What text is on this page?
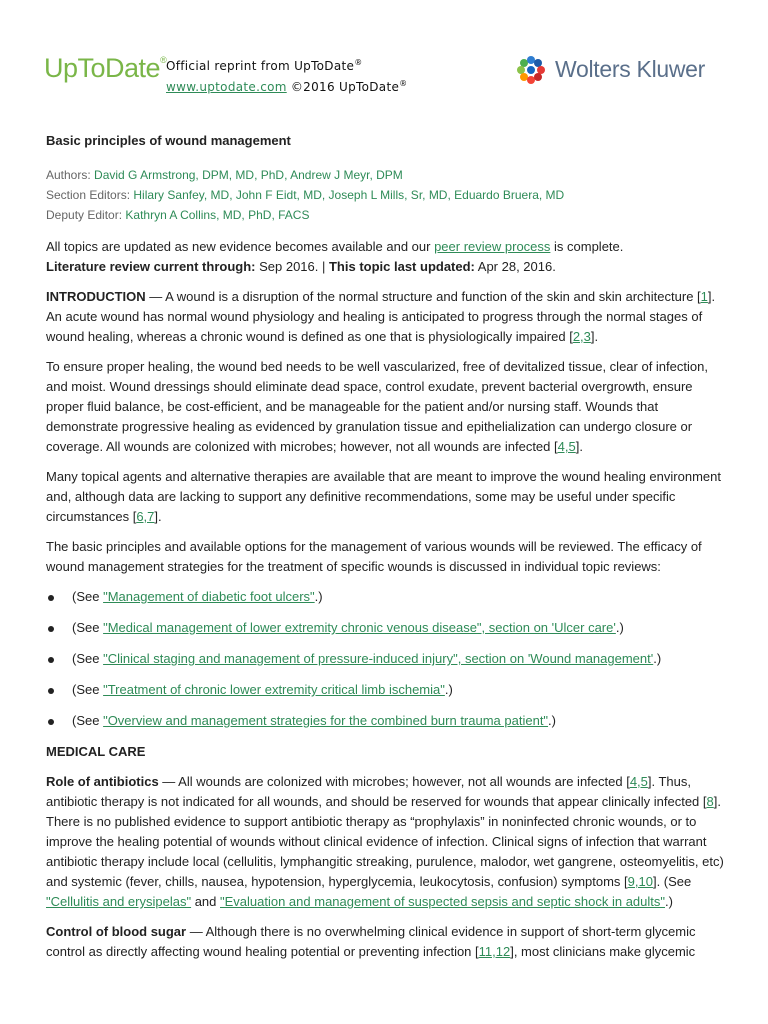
UpToDate® Official reprint from UpToDate®
www.uptodate.com ©2016 UpToDate®
Wolters Kluwer
Basic principles of wound management
Authors: David G Armstrong, DPM, MD, PhD, Andrew J Meyr, DPM
Section Editors: Hilary Sanfey, MD, John F Eidt, MD, Joseph L Mills, Sr, MD, Eduardo Bruera, MD
Deputy Editor: Kathryn A Collins, MD, PhD, FACS
All topics are updated as new evidence becomes available and our peer review process is complete.
Literature review current through: Sep 2016. | This topic last updated: Apr 28, 2016.
INTRODUCTION — A wound is a disruption of the normal structure and function of the skin and skin architecture [1]. An acute wound has normal wound physiology and healing is anticipated to progress through the normal stages of wound healing, whereas a chronic wound is defined as one that is physiologically impaired [2,3].
To ensure proper healing, the wound bed needs to be well vascularized, free of devitalized tissue, clear of infection, and moist. Wound dressings should eliminate dead space, control exudate, prevent bacterial overgrowth, ensure proper fluid balance, be cost-efficient, and be manageable for the patient and/or nursing staff. Wounds that demonstrate progressive healing as evidenced by granulation tissue and epithelialization can undergo closure or coverage. All wounds are colonized with microbes; however, not all wounds are infected [4,5].
Many topical agents and alternative therapies are available that are meant to improve the wound healing environment and, although data are lacking to support any definitive recommendations, some may be useful under specific circumstances [6,7].
The basic principles and available options for the management of various wounds will be reviewed. The efficacy of wound management strategies for the treatment of specific wounds is discussed in individual topic reviews:
(See "Management of diabetic foot ulcers".)
(See "Medical management of lower extremity chronic venous disease", section on 'Ulcer care'.)
(See "Clinical staging and management of pressure-induced injury", section on 'Wound management'.)
(See "Treatment of chronic lower extremity critical limb ischemia".)
(See "Overview and management strategies for the combined burn trauma patient".)
MEDICAL CARE
Role of antibiotics — All wounds are colonized with microbes; however, not all wounds are infected [4,5]. Thus, antibiotic therapy is not indicated for all wounds, and should be reserved for wounds that appear clinically infected [8]. There is no published evidence to support antibiotic therapy as “prophylaxis” in noninfected chronic wounds, or to improve the healing potential of wounds without clinical evidence of infection. Clinical signs of infection that warrant antibiotic therapy include local (cellulitis, lymphangitic streaking, purulence, malodor, wet gangrene, osteomyelitis, etc) and systemic (fever, chills, nausea, hypotension, hyperglycemia, leukocytosis, confusion) symptoms [9,10]. (See "Cellulitis and erysipelas" and "Evaluation and management of suspected sepsis and septic shock in adults".)
Control of blood sugar — Although there is no overwhelming clinical evidence in support of short-term glycemic control as directly affecting wound healing potential or preventing infection [11,12], most clinicians make glycemic
